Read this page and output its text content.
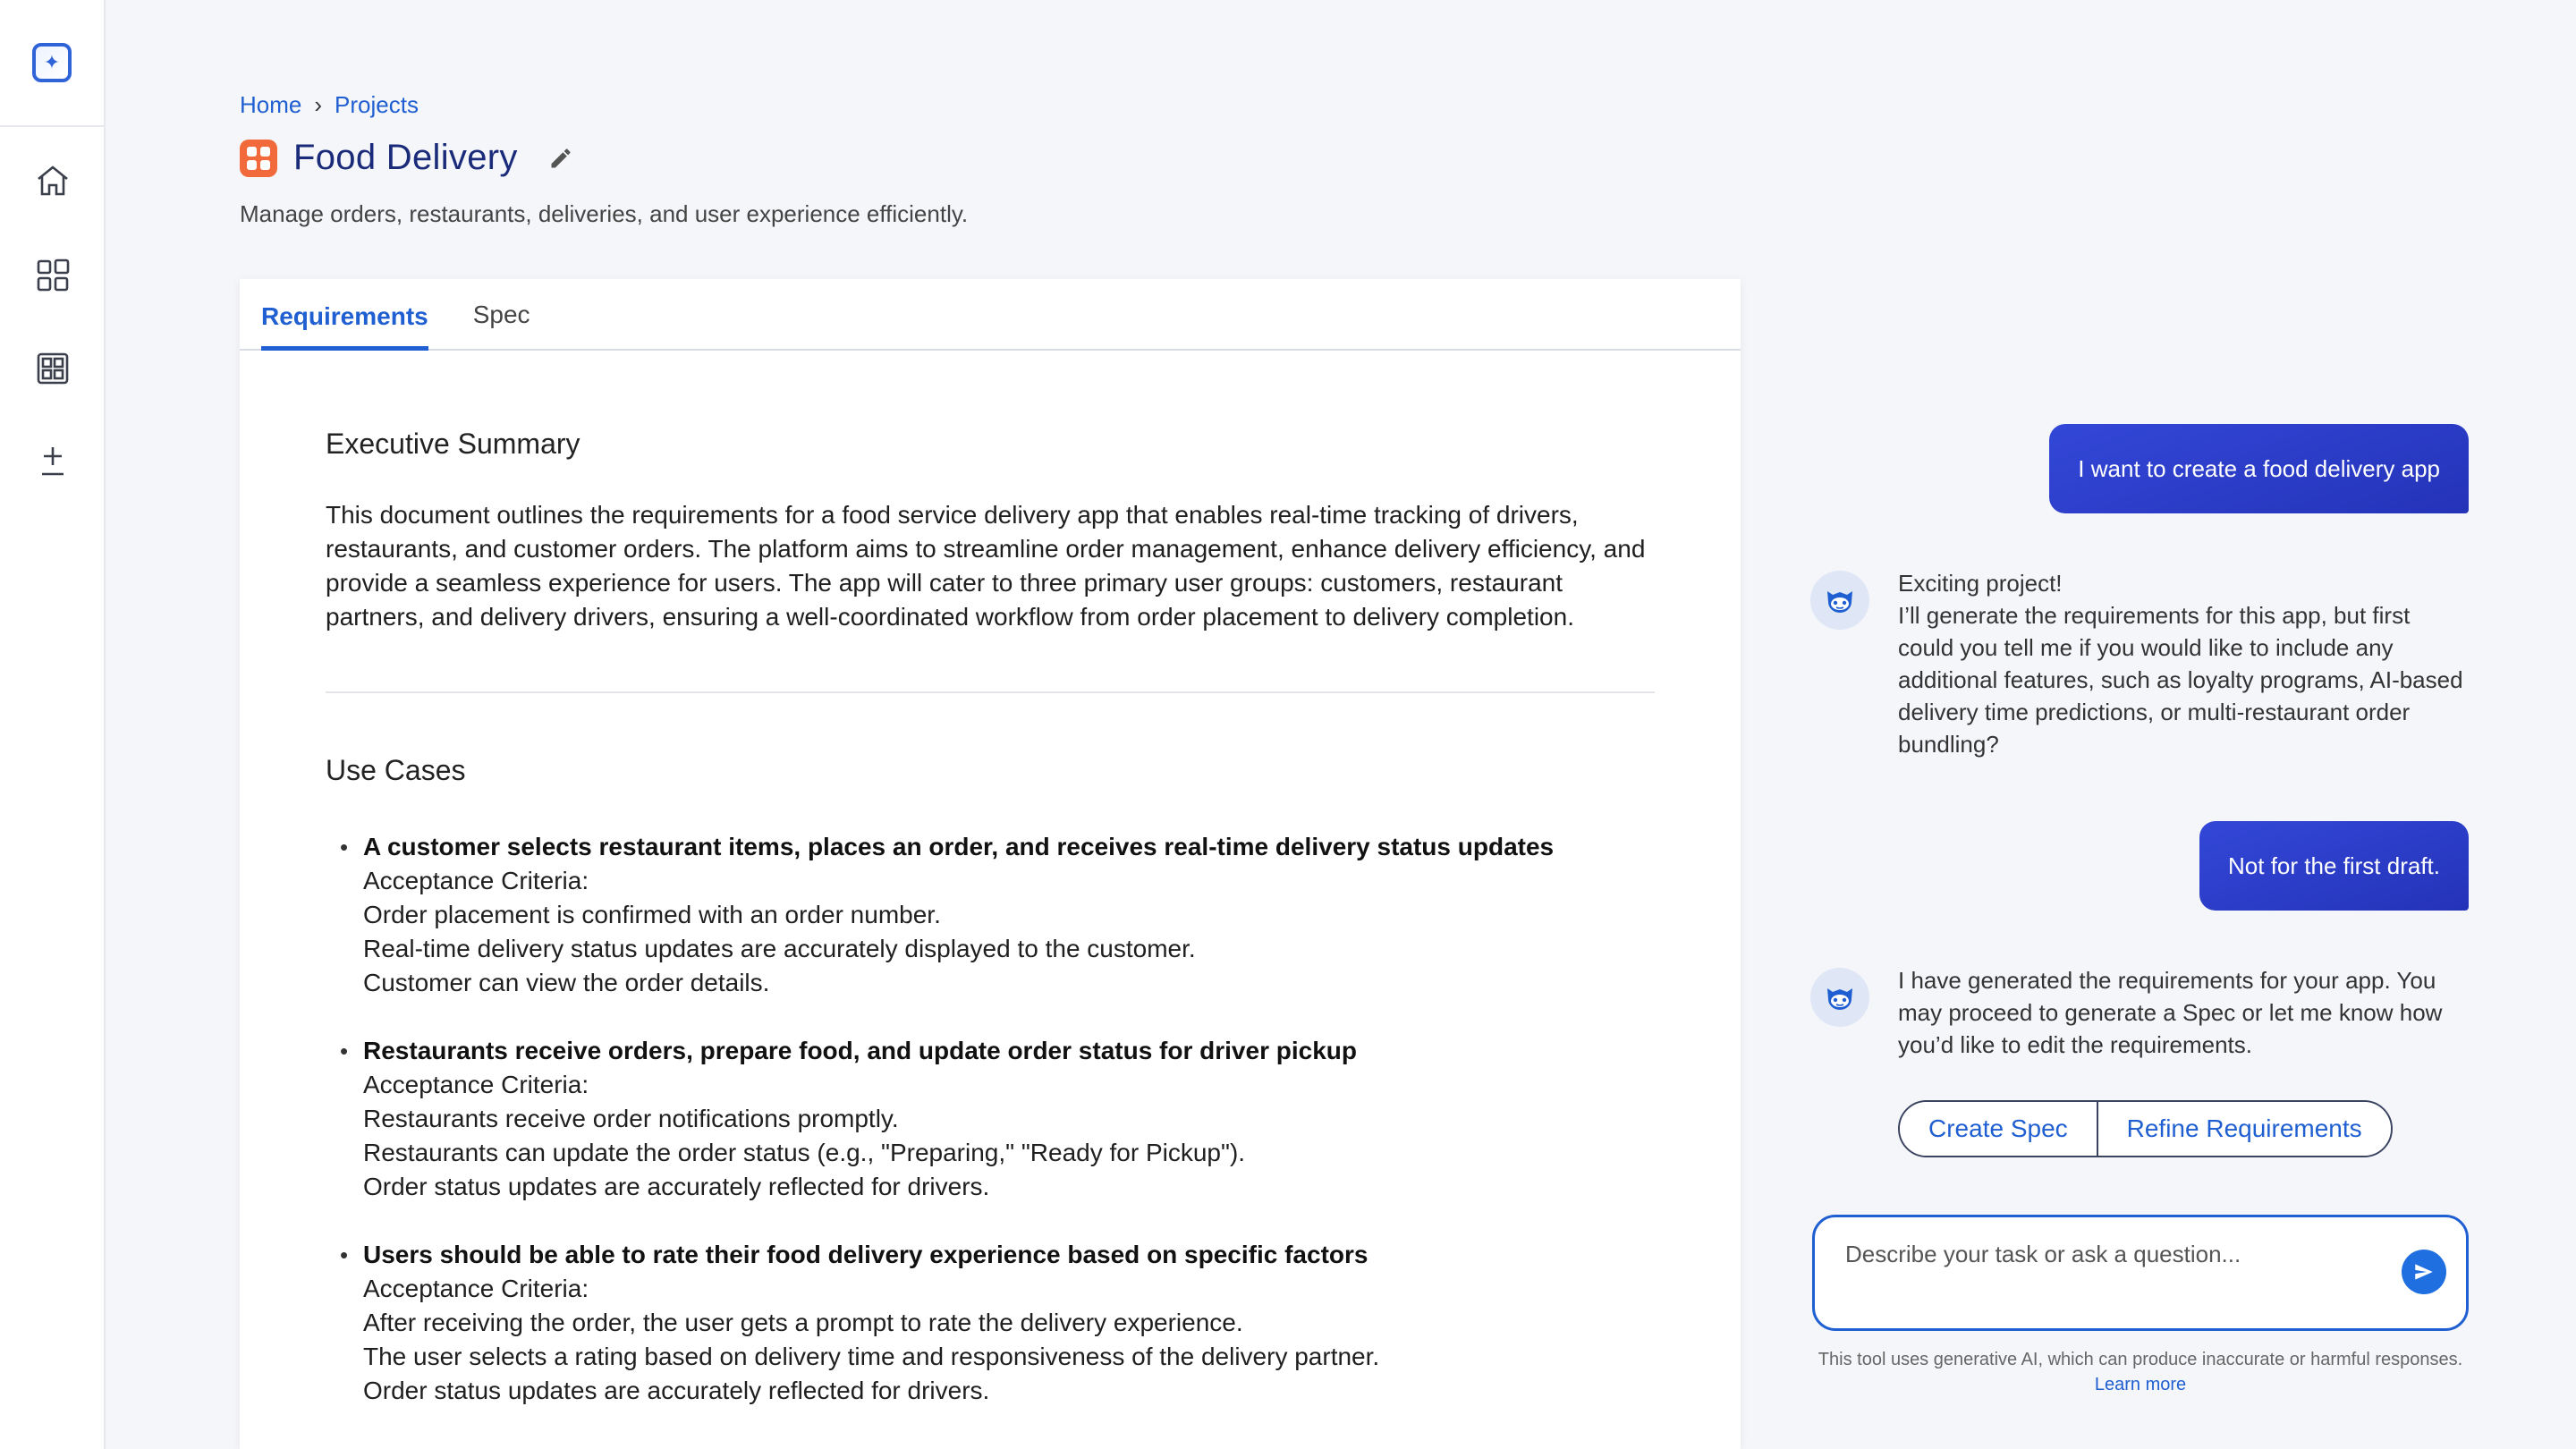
✦
Home › Projects
Food Delivery
Manage orders, restaurants, deliveries, and user experience efficiently.
Requirements Spec
Executive Summary
This document outlines the requirements for a food service delivery app that enables real-time tracking of drivers, restaurants, and customer orders. The platform aims to streamline order management, enhance delivery efficiency, and provide a seamless experience for users. The app will cater to three primary user groups: customers, restaurant partners, and delivery drivers, ensuring a well-coordinated workflow from order placement to delivery completion.
Use Cases
• A customer selects restaurant items, places an order, and receives real-time delivery status updates
Acceptance Criteria:
Order placement is confirmed with an order number.
Real-time delivery status updates are accurately displayed to the customer.
Customer can view the order details.
• Restaurants receive orders, prepare food, and update order status for driver pickup
Acceptance Criteria:
Restaurants receive order notifications promptly.
Restaurants can update the order status (e.g., "Preparing," "Ready for Pickup").
Order status updates are accurately reflected for drivers.
• Users should be able to rate their food delivery experience based on specific factors
Acceptance Criteria:
After receiving the order, the user gets a prompt to rate the delivery experience.
The user selects a rating based on delivery time and responsiveness of the delivery partner.
Order status updates are accurately reflected for drivers.
I want to create a food delivery app
Exciting project!
I’ll generate the requirements for this app, but first could you tell me if you would like to include any additional features, such as loyalty programs, AI-based delivery time predictions, or multi-restaurant order bundling?
Not for the first draft.
I have generated the requirements for your app. You may proceed to generate a Spec or let me know how you’d like to edit the requirements.
Create Spec	Refine Requirements
Describe your task or ask a question...
This tool uses generative AI, which can produce inaccurate or harmful responses. Learn more
